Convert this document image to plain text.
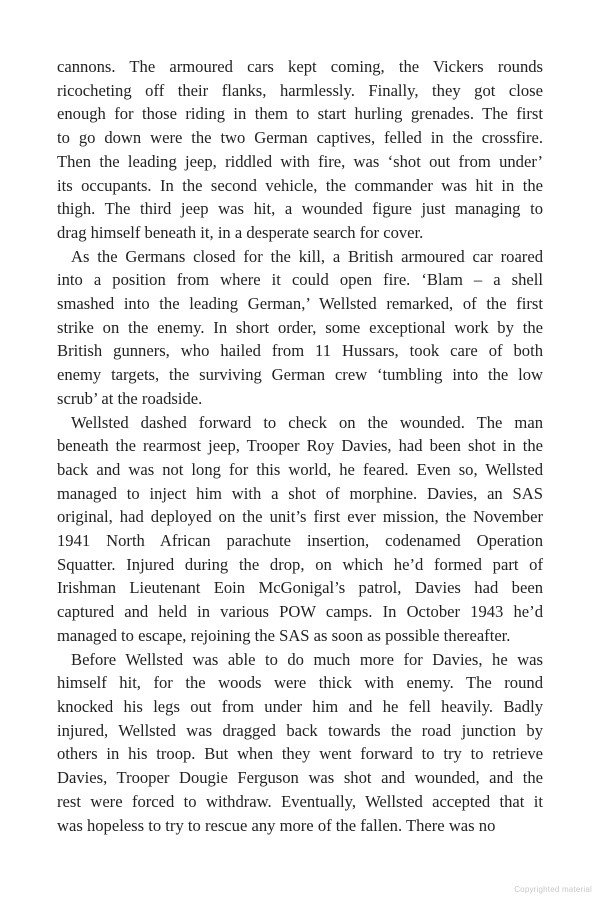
cannons. The armoured cars kept coming, the Vickers rounds
ricocheting off their flanks, harmlessly. Finally, they got close
enough for those riding in them to start hurling grenades. The first
to go down were the two German captives, felled in the crossfire.
Then the leading jeep, riddled with fire, was ‘shot out from under’
its occupants. In the second vehicle, the commander was hit in the
thigh. The third jeep was hit, a wounded figure just managing to
drag himself beneath it, in a desperate search for cover.
As the Germans closed for the kill, a British armoured car roared
into a position from where it could open fire. ‘Blam – a shell
smashed into the leading German,’ Wellsted remarked, of the first
strike on the enemy. In short order, some exceptional work by the
British gunners, who hailed from 11 Hussars, took care of both
enemy targets, the surviving German crew ‘tumbling into the low
scrub’ at the roadside.
Wellsted dashed forward to check on the wounded. The man
beneath the rearmost jeep, Trooper Roy Davies, had been shot in the
back and was not long for this world, he feared. Even so, Wellsted
managed to inject him with a shot of morphine. Davies, an SAS
original, had deployed on the unit’s first ever mission, the November
1941 North African parachute insertion, codenamed Operation
Squatter. Injured during the drop, on which he’d formed part of
Irishman Lieutenant Eoin McGonigal’s patrol, Davies had been
captured and held in various POW camps. In October 1943 he’d
managed to escape, rejoining the SAS as soon as possible thereafter.
Before Wellsted was able to do much more for Davies, he was
himself hit, for the woods were thick with enemy. The round
knocked his legs out from under him and he fell heavily. Badly
injured, Wellsted was dragged back towards the road junction by
others in his troop. But when they went forward to try to retrieve
Davies, Trooper Dougie Ferguson was shot and wounded, and the
rest were forced to withdraw. Eventually, Wellsted accepted that it
was hopeless to try to rescue any more of the fallen. There was no
Copyrighted material
